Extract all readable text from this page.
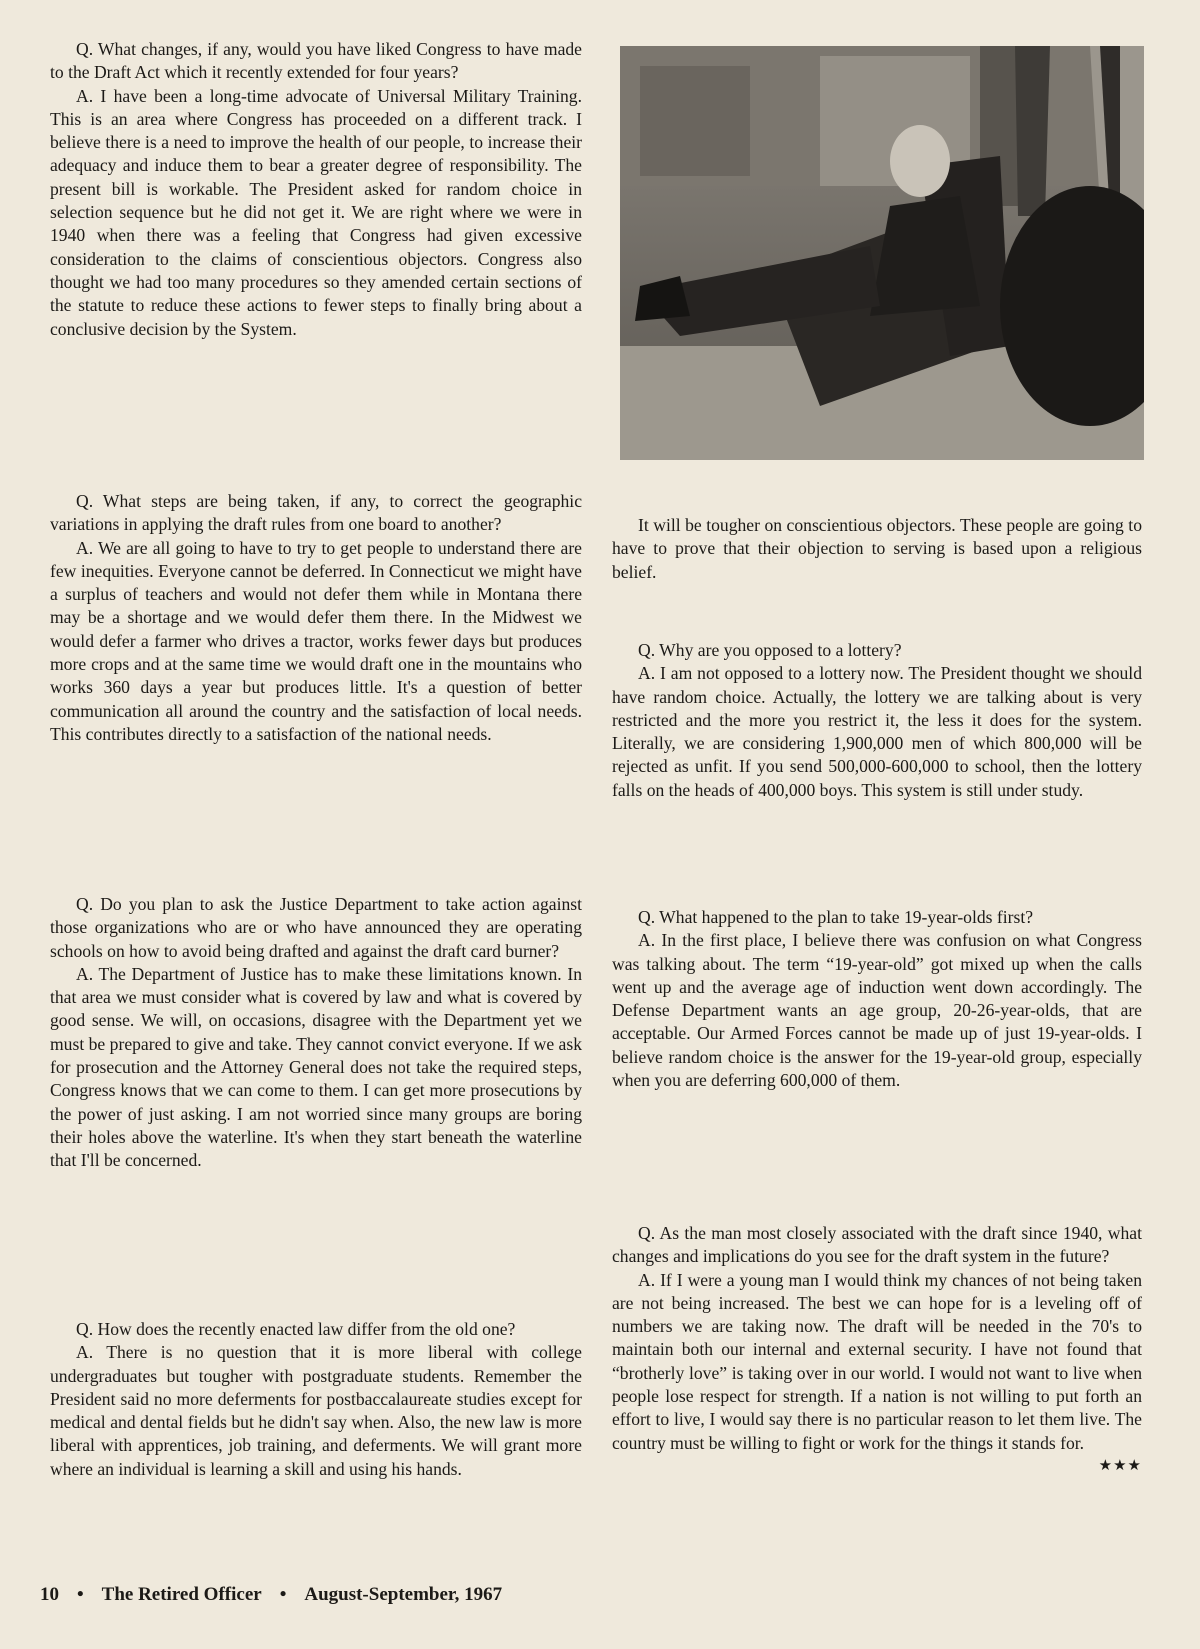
Q. What changes, if any, would you have liked Congress to have made to the Draft Act which it recently extended for four years?

A. I have been a long-time advocate of Universal Military Training. This is an area where Congress has proceeded on a different track. I believe there is a need to improve the health of our people, to increase their adequacy and induce them to bear a greater degree of responsibility. The present bill is workable. The President asked for random choice in selection sequence but he did not get it. We are right where we were in 1940 when there was a feeling that Congress had given excessive consideration to the claims of conscientious objectors. Congress also thought we had too many procedures so they amended certain sections of the statute to reduce these actions to fewer steps to finally bring about a conclusive decision by the System.

Q. What steps are being taken, if any, to correct the geographic variations in applying the draft rules from one board to another?

A. We are all going to have to try to get people to understand there are few inequities. Everyone cannot be deferred. In Connecticut we might have a surplus of teachers and would not defer them while in Montana there may be a shortage and we would defer them there. In the Midwest we would defer a farmer who drives a tractor, works fewer days but produces more crops and at the same time we would draft one in the mountains who works 360 days a year but produces little. It's a question of better communication all around the country and the satisfaction of local needs. This contributes directly to a satisfaction of the national needs.

Q. Do you plan to ask the Justice Department to take action against those organizations who are or who have announced they are operating schools on how to avoid being drafted and against the draft card burner?

A. The Department of Justice has to make these limitations known. In that area we must consider what is covered by law and what is covered by good sense. We will, on occasions, disagree with the Department yet we must be prepared to give and take. They cannot convict everyone. If we ask for prosecution and the Attorney General does not take the required steps, Congress knows that we can come to them. I can get more prosecutions by the power of just asking. I am not worried since many groups are boring their holes above the waterline. It's when they start beneath the waterline that I'll be concerned.

Q. How does the recently enacted law differ from the old one?

A. There is no question that it is more liberal with college undergraduates but tougher with postgraduate students. Remember the President said no more deferments for postbaccalaureate studies except for medical and dental fields but he didn't say when. Also, the new law is more liberal with apprentices, job training, and deferments. We will grant more where an individual is learning a skill and using his hands.

It will be tougher on conscientious objectors. These people are going to have to prove that their objection to serving is based upon a religious belief.

Q. Why are you opposed to a lottery?

A. I am not opposed to a lottery now. The President thought we should have random choice. Actually, the lottery we are talking about is very restricted and the more you restrict it, the less it does for the system. Literally, we are considering 1,900,000 men of which 800,000 will be rejected as unfit. If you send 500,000-600,000 to school, then the lottery falls on the heads of 400,000 boys. This system is still under study.

Q. What happened to the plan to take 19-year-olds first?

A. In the first place, I believe there was confusion on what Congress was talking about. The term “19-year-old” got mixed up when the calls went up and the average age of induction went down accordingly. The Defense Department wants an age group, 20-26-year-olds, that are acceptable. Our Armed Forces cannot be made up of just 19-year-olds. I believe random choice is the answer for the 19-year-old group, especially when you are deferring 600,000 of them.

Q. As the man most closely associated with the draft since 1940, what changes and implications do you see for the draft system in the future?

A. If I were a young man I would think my chances of not being taken are not being increased. The best we can hope for is a leveling off of numbers we are taking now. The draft will be needed in the 70's to maintain both our internal and external security. I have not found that “brotherly love” is taking over in our world. I would not want to live when people lose respect for strength. If a nation is not willing to put forth an effort to live, I would say there is no particular reason to let them live. The country must be willing to fight or work for the things it stands for.
★★★

10 • The Retired Officer • August-September, 1967
